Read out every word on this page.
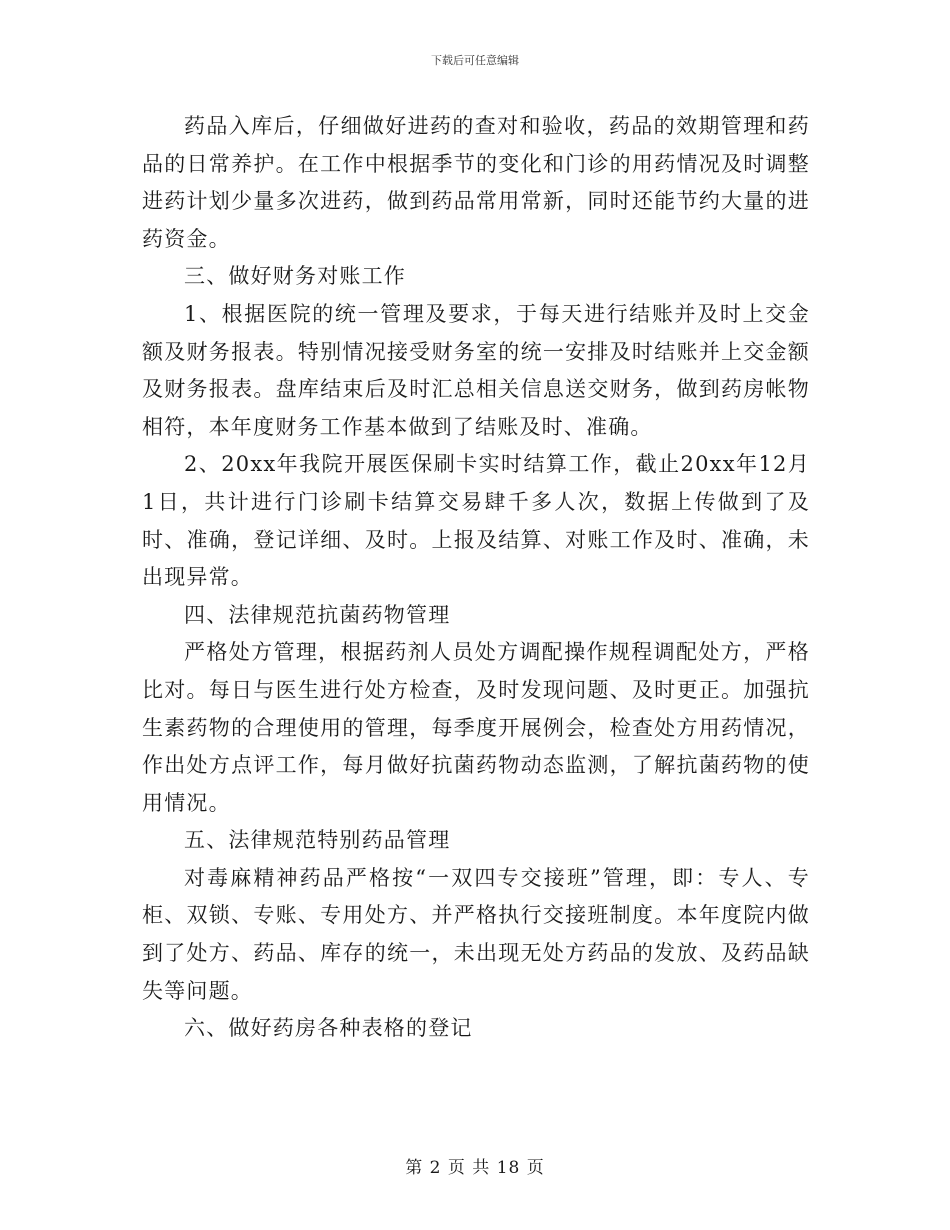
下载后可任意编辑

药品入库后，仔细做好进药的查对和验收，药品的效期管理和药品的日常养护。在工作中根据季节的变化和门诊的用药情况及时调整进药计划少量多次进药，做到药品常用常新，同时还能节约大量的进药资金。

三、做好财务对账工作

1、根据医院的统一管理及要求，于每天进行结账并及时上交金额及财务报表。特别情况接受财务室的统一安排及时结账并上交金额及财务报表。盘库结束后及时汇总相关信息送交财务，做到药房帐物相符，本年度财务工作基本做到了结账及时、准确。

2、20xx年我院开展医保刷卡实时结算工作，截止20xx年12月1日，共计进行门诊刷卡结算交易肆千多人次，数据上传做到了及时、准确，登记详细、及时。上报及结算、对账工作及时、准确，未出现异常。

四、法律规范抗菌药物管理

严格处方管理，根据药剂人员处方调配操作规程调配处方，严格比对。每日与医生进行处方检查，及时发现问题、及时更正。加强抗生素药物的合理使用的管理，每季度开展例会，检查处方用药情况，作出处方点评工作，每月做好抗菌药物动态监测，了解抗菌药物的使用情况。

五、法律规范特别药品管理

对毒麻精神药品严格按“一双四专交接班”管理，即：专人、专柜、双锁、专账、专用处方、并严格执行交接班制度。本年度院内做到了处方、药品、库存的统一，未出现无处方药品的发放、及药品缺失等问题。

六、做好药房各种表格的登记

第 2 页 共 18 页
